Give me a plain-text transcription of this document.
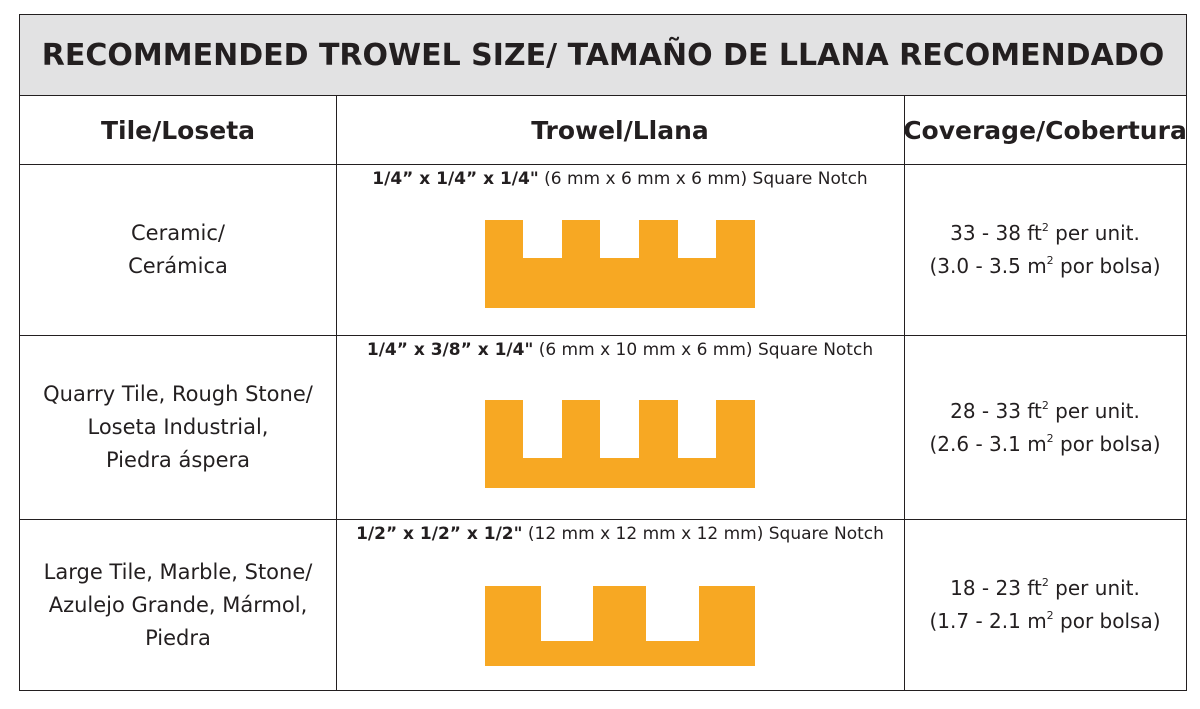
RECOMMENDED TROWEL SIZE/ TAMAÑO DE LLANA RECOMENDADO
Tile/Loseta	Trowel/Llana	Coverage/Cobertura
Ceramic/
Cerámica
1/4” x 1/4” x 1/4" (6 mm x 6 mm x 6 mm) Square Notch
33 - 38 $ft^2$ per unit.
(3.0 - 3.5 $m^2$ por bolsa)
Quarry Tile, Rough Stone/
Loseta Industrial,
Piedra áspera
1/4” x 3/8” x 1/4" (6 mm x 10 mm x 6 mm) Square Notch
28 - 33 $ft^2$ per unit.
(2.6 - 3.1 $m^2$ por bolsa)
Large Tile, Marble, Stone/
Azulejo Grande, Mármol,
Piedra
1/2” x 1/2” x 1/2" (12 mm x 12 mm x 12 mm) Square Notch
18 - 23 $ft^2$ per unit.
(1.7 - 2.1 $m^2$ por bolsa)
